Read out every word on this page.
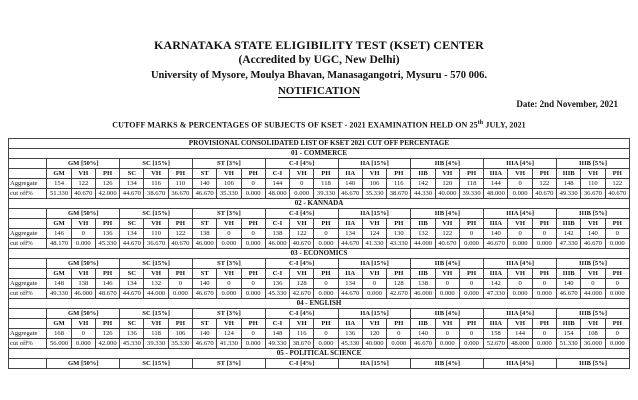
KARNATAKA STATE ELIGIBILITY TEST (KSET) CENTER
(Accredited by UGC, New Delhi)
University of Mysore, Moulya Bhavan, Manasagangotri, Mysuru - 570 006.
NOTIFICATION
Date: 2nd November, 2021
CUTOFF MARKS & PERCENTAGES OF SUBJECTS OF KSET - 2021 EXAMINATION HELD ON 25th JULY, 2021
PROVISIONAL CONSOLIDATED LIST OF KSET 2021 CUT OFF PERCENTAGE																								
01 - COMMERCE																								
	GM [50%]			SC [15%]			ST [3%]			C-I [4%]			IIA [15%]			IIB [4%]			IIIA [4%]			IIIB [5%]		
	GM	VH	PH	SC	VH	PH	ST	VH	PH	C-I	VH	PH	IIA	VH	PH	IIB	VH	PH	IIIA	VH	PH	IIIB	VH	PH
Aggregate	154	122	126	134	116	110	140	106	0	144	0	118	140	106	116	142	120	118	144	0	122	148	110	122
cut off%	51.330	40.670	42.000	44.670	38.670	36.670	46.670	35.330	0.000	48.000	0.000	39.330	46.670	35.330	38.670	44.330	40.000	39.330	48.000	0.000	40.670	49.330	36.670	40.670
02 - KANNADA																								
	GM [50%]			SC [15%]			ST [3%]			C-I [4%]			IIA [15%]			IIB [4%]			IIIA [4%]			IIIB [5%]		
	GM	VH	PH	SC	VH	PH	ST	VH	PH	C-I	VH	PH	IIA	VH	PH	IIB	VH	PH	IIIA	VH	PH	IIIB	VH	PH
Aggregate	146	0	136	134	110	122	138	0	0	138	122	0	134	124	130	132	122	0	140	0	0	142	140	0
cut off%	48.170	0.000	45.330	44.670	36.670	40.670	46.000	0.000	0.000	46.000	40.670	0.000	44.670	41.330	43.330	44.000	40.670	0.000	46.670	0.000	0.000	47.330	46.670	0.000
03 - ECONOMICS																								
	GM [50%]			SC [15%]			ST [3%]			C-I [4%]			IIA [15%]			IIB [4%]			IIIA [4%]			IIIB [5%]		
	GM	VH	PH	SC	VH	PH	ST	VH	PH	C-I	VH	PH	IIA	VH	PH	IIB	VH	PH	IIIA	VH	PH	IIIB	VH	PH
Aggregate	148	138	146	134	132	0	140	0	0	136	128	0	134	0	128	138	0	0	142	0	0	140	0	0
cut off%	49.330	46.000	48.670	44.670	44.000	0.000	46.670	0.000	0.000	45.330	42.670	0.000	44.670	0.000	42.670	46.000	0.000	0.000	47.330	0.000	0.000	46.670	44.000	0.000
04 - ENGLISH																								
	GM [50%]			SC [15%]			ST [3%]			C-I [4%]			IIA [15%]			IIB [4%]			IIIA [4%]			IIIB [5%]		
	GM	VH	PH	SC	VH	PH	ST	VH	PH	C-I	VH	PH	IIA	VH	PH	IIB	VH	PH	IIIA	VH	PH	IIIB	VH	PH
Aggregate	168	0	126	136	118	106	140	124	0	148	116	0	136	120	0	140	0	0	158	144	0	154	108	0
cut off%	56.000	0.000	42.000	45.330	39.330	35.330	46.670	41.330	0.000	49.330	38.670	0.000	45.330	40.000	0.000	46.670	0.000	0.000	52.670	48.000	0.000	51.330	36.000	0.000
05 - POLITICAL SCIENCE																								
	GM [50%]			SC [15%]			ST [3%]			C-I [4%]			IIA [15%]			IIB [4%]			IIIA [4%]			IIIB [5%]		
